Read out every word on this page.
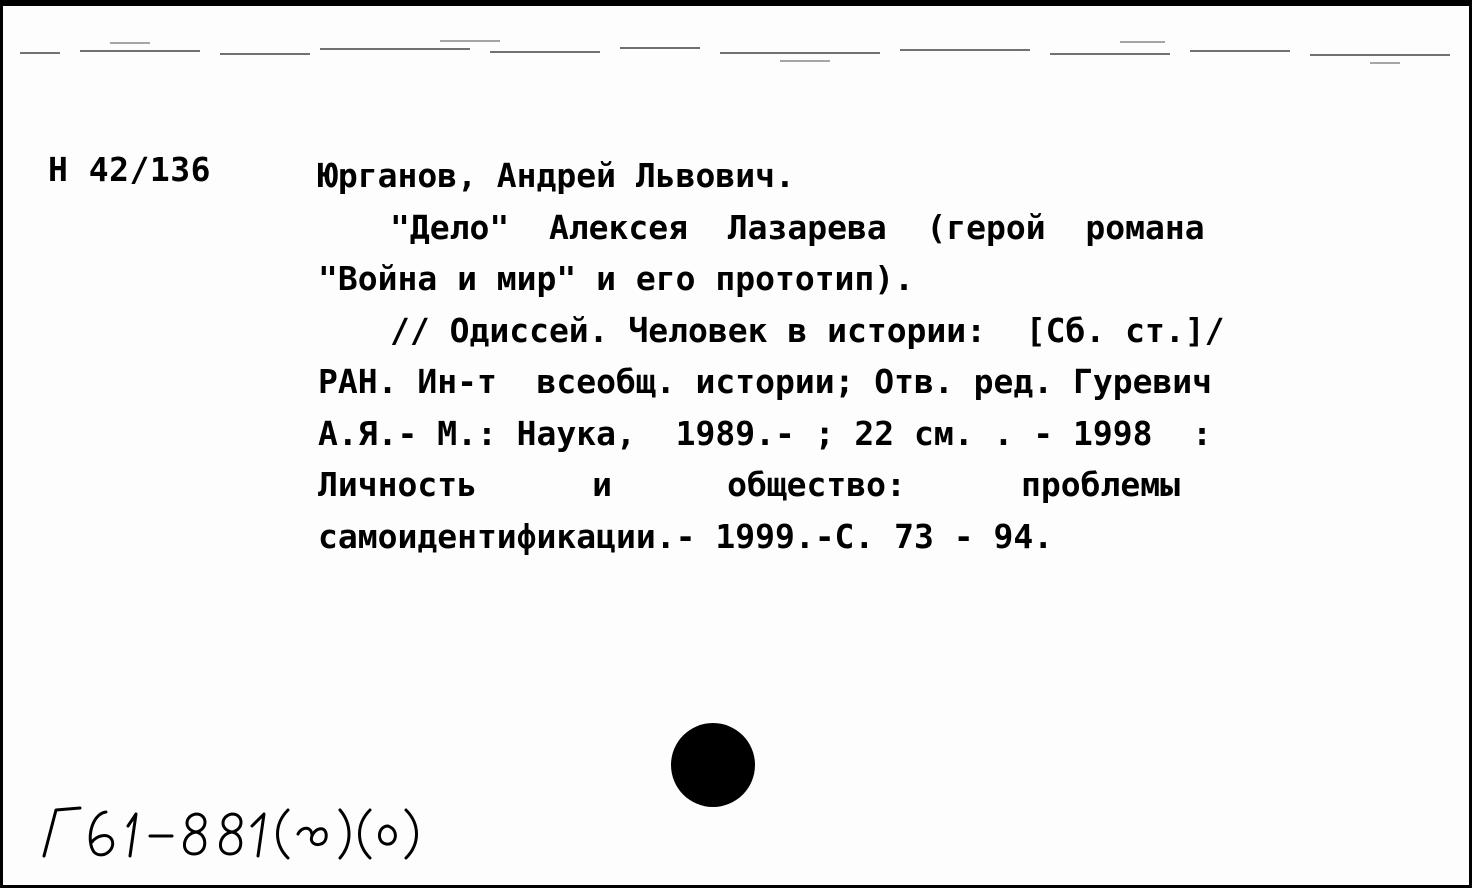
Н 42/136	Юрганов, Андрей Львович.
"Дело"  Алексея  Лазарева  (герой  романа
"Война и мир" и его прототип).
// Одиссей. Человек в истории:  [Сб. ст.]/
РАН. Ин-т  всеобщ. истории; Отв. ред. Гуревич
А.Я.- М.: Наука,  1989.- ; 22 см. . - 1998  :
Личность	и	общество:	проблемы
самоидентификации.- 1999.-С. 73 - 94.
